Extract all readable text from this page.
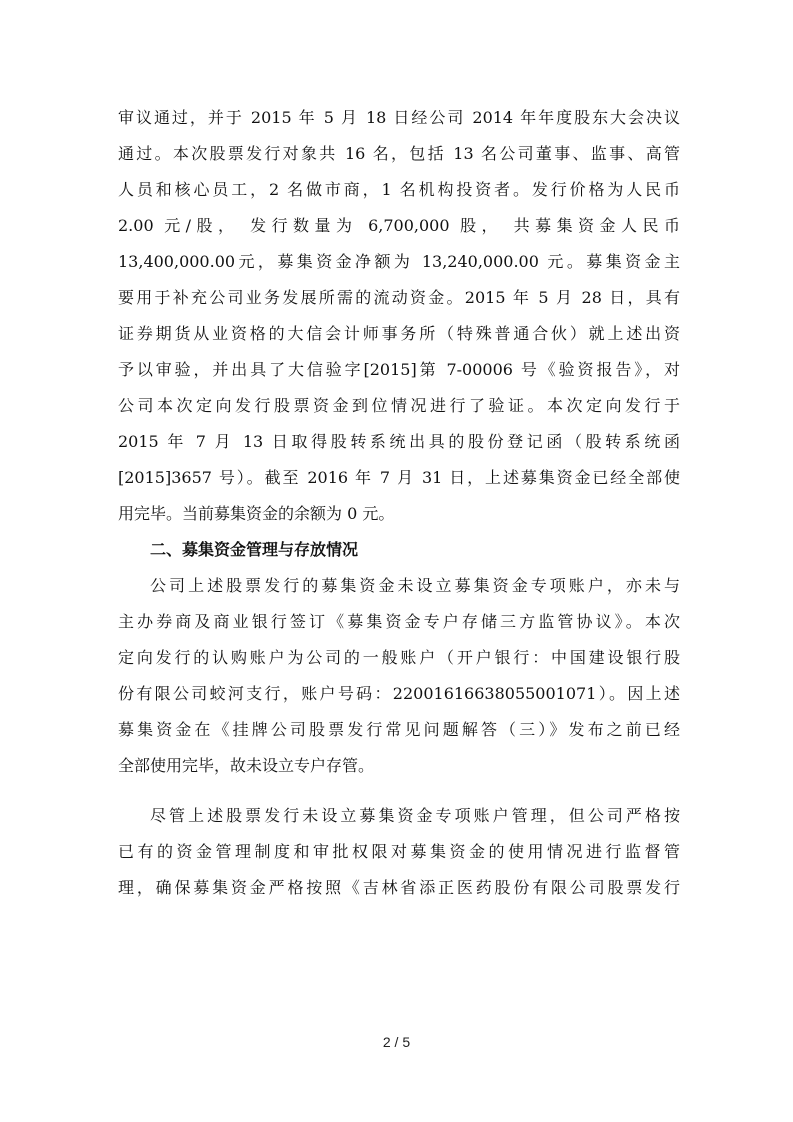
审议通过，并于 2015 年 5 月 18 日经公司 2014 年年度股东大会决议
通过。本次股票发行对象共 16 名，包括 13 名公司董事、监事、高管
人员和核心员工，2 名做市商，1 名机构投资者。发行价格为人民币
2.00 元/股， 发行数量为 6,700,000 股， 共募集资金人民币
13,400,000.00元，募集资金净额为 13,240,000.00 元。募集资金主
要用于补充公司业务发展所需的流动资金。2015 年 5 月 28 日，具有
证券期货从业资格的大信会计师事务所（特殊普通合伙）就上述出资
予以审验，并出具了大信验字[2015]第 7-00006 号《验资报告》，对
公司本次定向发行股票资金到位情况进行了验证。本次定向发行于
2015 年 7 月 13 日取得股转系统出具的股份登记函（股转系统函
[2015]3657 号）。截至 2016 年 7 月 31 日，上述募集资金已经全部使
用完毕。当前募集资金的余额为 0 元。
二、募集资金管理与存放情况
公司上述股票发行的募集资金未设立募集资金专项账户，亦未与
主办券商及商业银行签订《募集资金专户存储三方监管协议》。本次
定向发行的认购账户为公司的一般账户（开户银行：中国建设银行股
份有限公司蛟河支行，账户号码：22001616638055001071）。因上述
募集资金在《挂牌公司股票发行常见问题解答（三）》发布之前已经
全部使用完毕，故未设立专户存管。
尽管上述股票发行未设立募集资金专项账户管理，但公司严格按
已有的资金管理制度和审批权限对募集资金的使用情况进行监督管
理，确保募集资金严格按照《吉林省添正医药股份有限公司股票发行
2 / 5
